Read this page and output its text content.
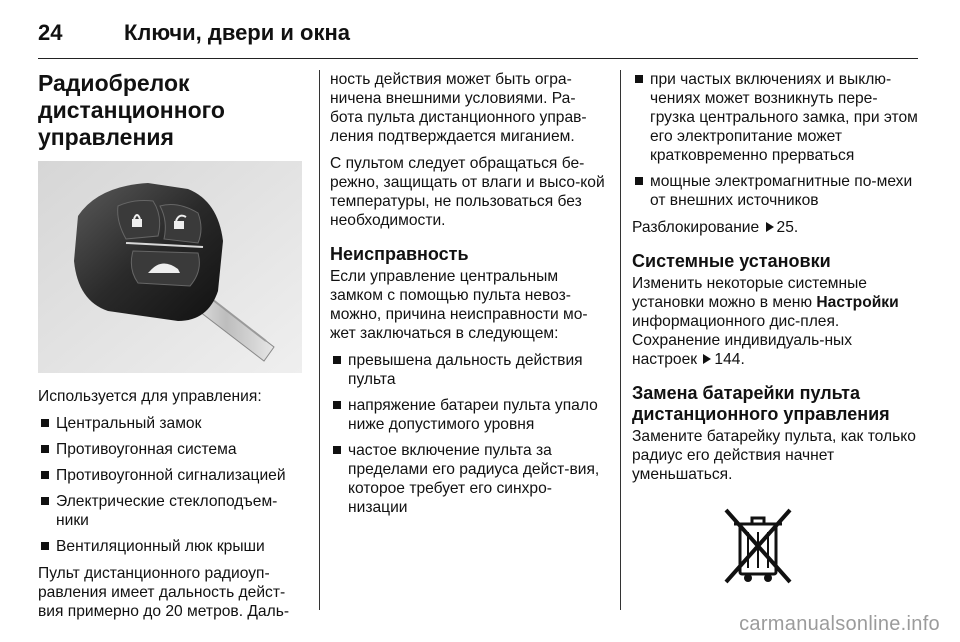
24	Ключи, двери и окна
Радиобрелок дистанционного управления

Используется для управления:

Центральный замок
Противоугонная система
Противоугонной сигнализацией
Электрические стеклоподъем-ники
Вентиляционный люк крыши

Пульт дистанционного радиоуп-равления имеет дальность дейст-вия примерно до 20 метров. Даль-

ность действия может быть огра-ничена внешними условиями. Ра-бота пульта дистанционного управ-ления подтверждается миганием.

С пультом следует обращаться бе-режно, защищать от влаги и высо-кой температуры, не пользоваться без необходимости.

Неисправность

Если управление центральным замком с помощью пульта невоз-можно, причина неисправности мо-жет заключаться в следующем:

превышена дальность действия пульта
напряжение батареи пульта упало ниже допустимого уровня
частое включение пульта за пределами его радиуса дейст-вия, которое требует его синхро-низации
при частых включениях и выклю-чениях может возникнуть пере-грузка центрального замка, при этом его электропитание может кратковременно прерваться
мощные электромагнитные по-мехи от внешних источников

Разблокирование 25.

Системные установки

Изменить некоторые системные установки можно в меню Настройки информационного дис-плея. Сохранение индивидуаль-ных настроек 144.

Замена батарейки пульта дистанционного управления

Замените батарейку пульта, как только радиус его действия начнет уменьшаться.

carmanualsonline.info
